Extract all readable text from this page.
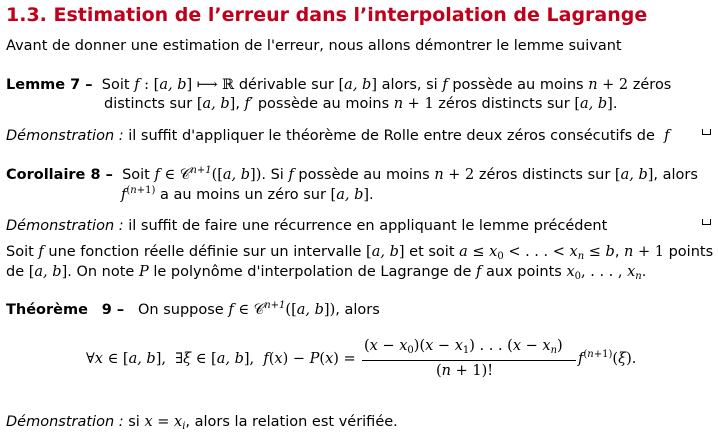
1.3. Estimation de l’erreur dans l’interpolation de Lagrange
Avant de donner une estimation de l'erreur, nous allons démontrer le lemme suivant
Lemme 7 – Soit f : [a, b] ⟼ ℝ dérivable sur [a, b] alors, si f possède au moins n + 2 zéros
distincts sur [a, b], f′ possède au moins n + 1 zéros distincts sur [a, b].
Démonstration : il suffit d'appliquer le théorème de Rolle entre deux zéros consécutifs de  f
Corollaire 8 – Soit f ∈ 𝒞$^{n+1}$([a, b]). Si f possède au moins n + 2 zéros distincts sur [a, b], alors
$f^{(n+1)}$ a au moins un zéro sur [a, b].
Démonstration : il suffit de faire une récurrence en appliquant le lemme précédent
Soit f une fonction réelle définie sur un intervalle [a, b] et soit $a \le x_0$ < . . . < $x_n \le b$, n + 1 points
de [a, b]. On note P le polynôme d'interpolation de Lagrange de f aux points $x_0$, . . . , $x_n$.
Théorème 9 – On suppose f ∈ 𝒞$^{n+1}$([a, b]), alors
∀x ∈ [a, b], ∃ξ ∈ [a, b], f(x) − P(x) =
$(x - x_0)(x - x_1)$ . . . $(x - x_n)$
(n + 1)!
$f^{(n+1)}(\xi)$.
Démonstration : si $x = x_i$, alors la relation est vérifiée.
